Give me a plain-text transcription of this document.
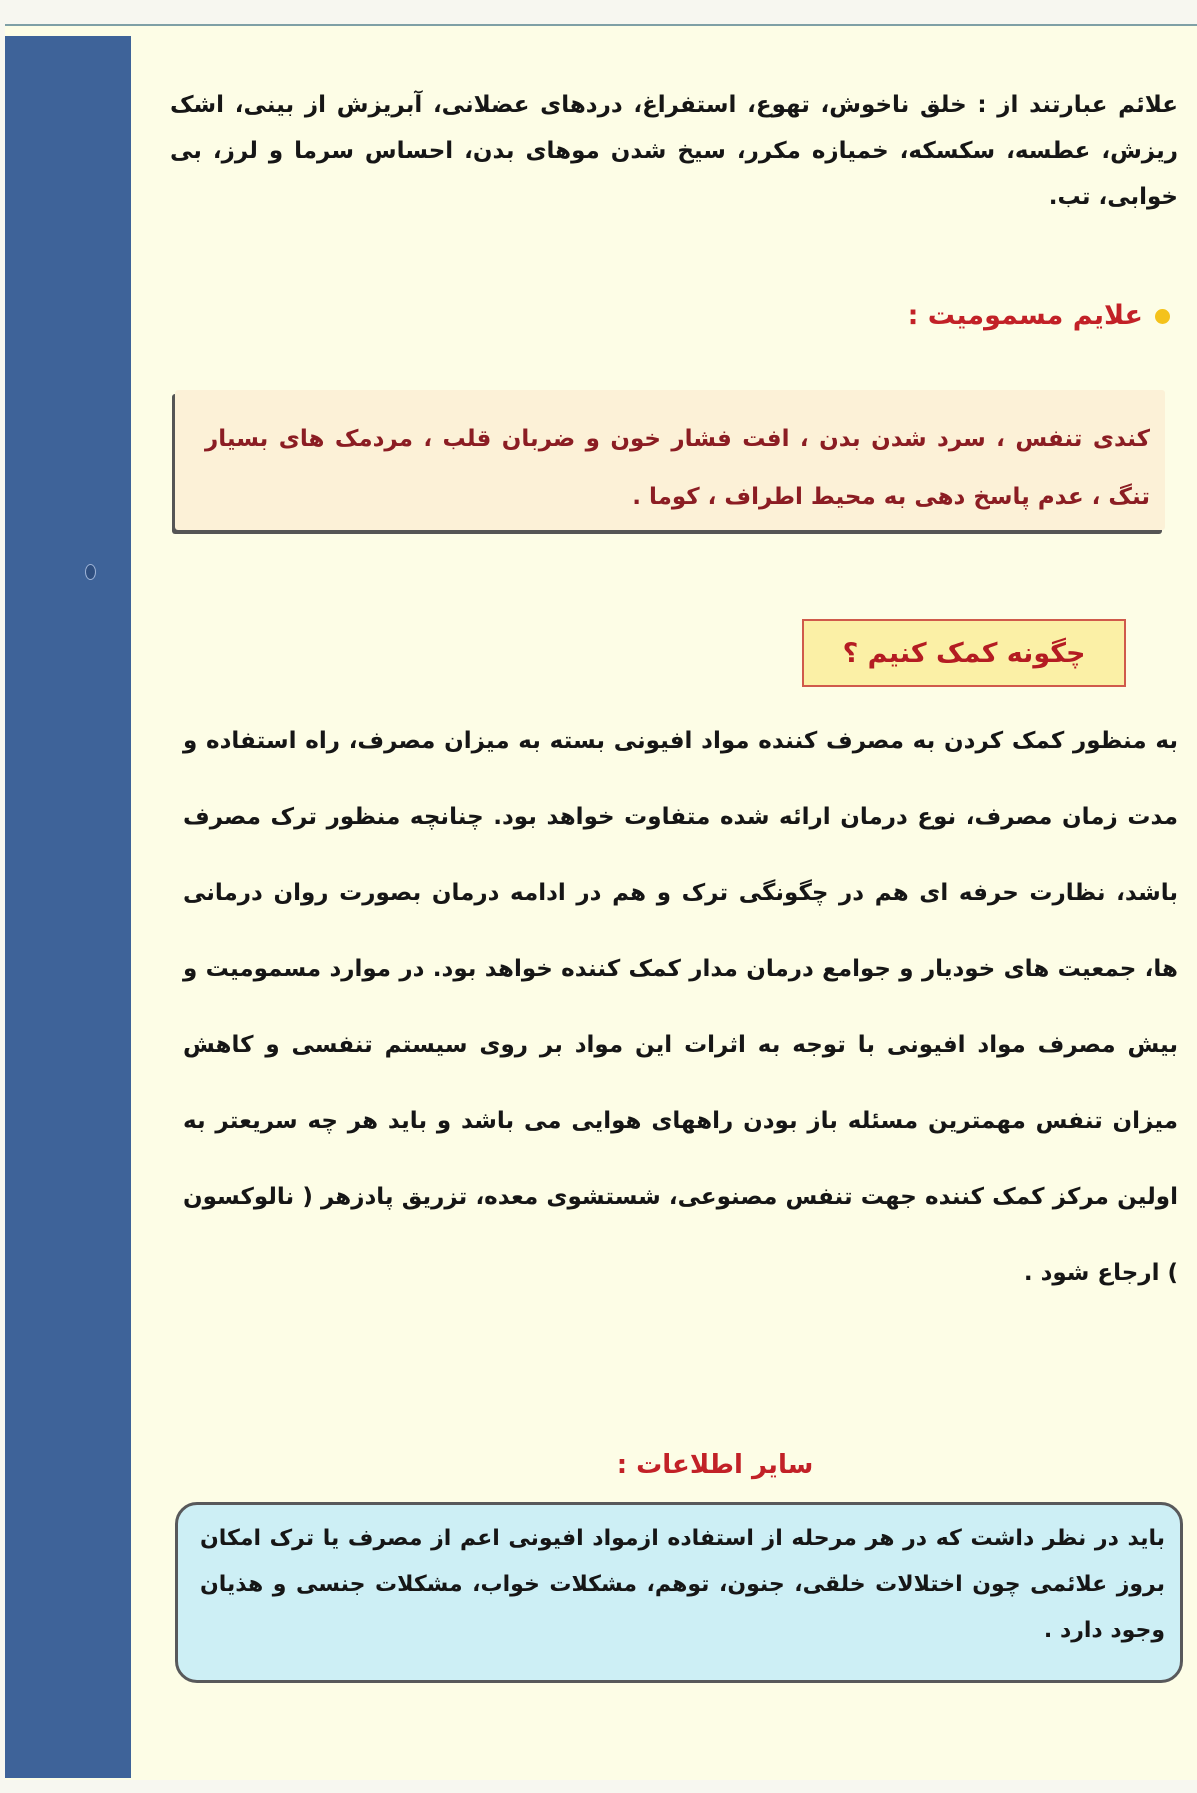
علائم عبارتند از : خلق ناخوش، تهوع، استفراغ، دردهای عضلانی، آبریزش از بینی، اشک ریزش، عطسه، سکسکه، خمیازه مکرر، سیخ شدن موهای بدن، احساس سرما و لرز، بی خوابی، تب.
علایم مسمومیت :
کندی تنفس ، سرد شدن بدن ، افت فشار خون و ضربان قلب ، مردمک های بسیار تنگ ، عدم پاسخ دهی به محیط اطراف ، کوما .
چگونه کمک کنیم ؟
به منظور کمک کردن به مصرف کننده مواد افیونی بسته به میزان مصرف، راه استفاده و مدت زمان مصرف، نوع درمان ارائه شده متفاوت خواهد بود. چنانچه منظور ترک مصرف باشد، نظارت حرفه ای هم در چگونگی ترک و هم در ادامه درمان بصورت روان درمانی ها، جمعیت های خودیار و جوامع درمان مدار کمک کننده خواهد بود. در موارد مسمومیت و بیش مصرف مواد افیونی با توجه به اثرات این مواد بر روی سیستم تنفسی و کاهش میزان تنفس مهمترین مسئله باز بودن راههای هوایی می باشد و باید هر چه سریعتر به اولین مرکز کمک کننده جهت تنفس مصنوعی، شستشوی معده، تزریق پادزهر ( نالوکسون ) ارجاع شود .
سایر اطلاعات :
باید در نظر داشت که در هر مرحله از استفاده ازمواد افیونی اعم از مصرف یا ترک امکان بروز علائمی چون اختلالات خلقی، جنون، توهم، مشکلات خواب، مشکلات جنسی و هذیان وجود دارد .
